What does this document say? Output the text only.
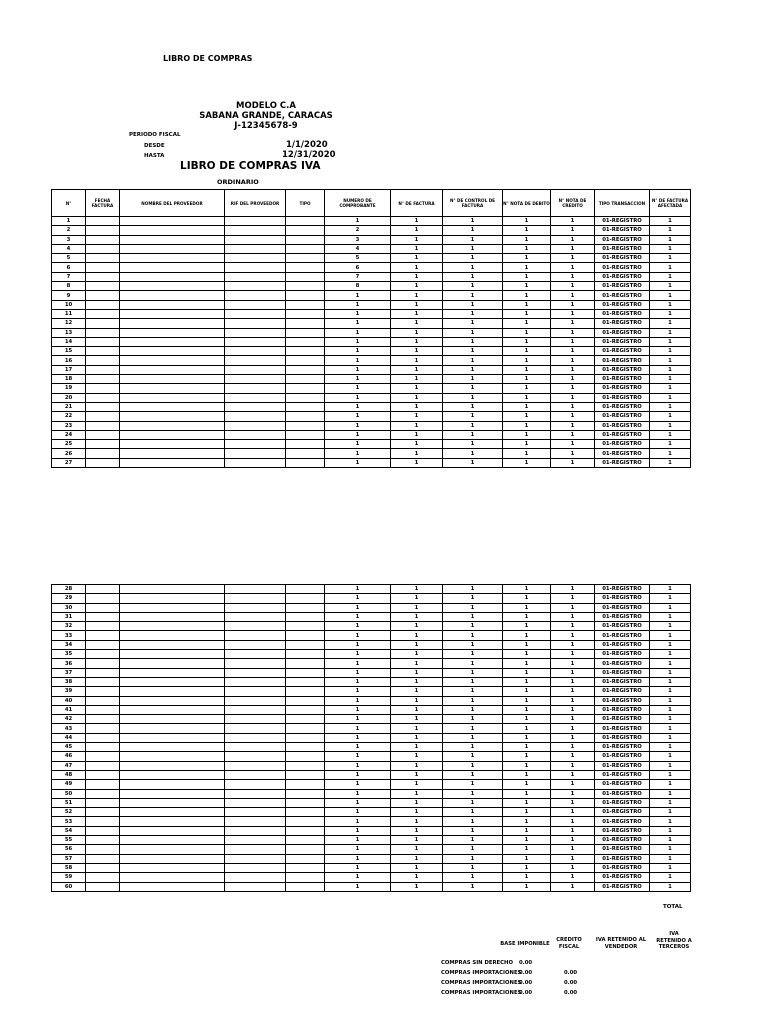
LIBRO DE COMPRAS
MODELO C.A
SABANA GRANDE, CARACAS
J-12345678-9
PERIODO FISCAL
DESDE
HASTA
1/1/2020
12/31/2020
LIBRO DE COMPRAS IVA
ORDINARIO
N°	FECHA FACTURA	NOMBRE DEL PROVEEDOR	RIF DEL PROVEEDOR	TIPO	NUMERO DE COMPROBANTE	N° DE FACTURA	N° DE CONTROL DE FACTURA	N° NOTA DE DEBITO	N° NOTA DE CREDITO	TIPO TRANSACCION	N° DE FACTURA AFECTADA
1					1	1	1	1	1	01-REGISTRO	1
2					2	1	1	1	1	01-REGISTRO	1
3					3	1	1	1	1	01-REGISTRO	1
4					4	1	1	1	1	01-REGISTRO	1
5					5	1	1	1	1	01-REGISTRO	1
6					6	1	1	1	1	01-REGISTRO	1
7					7	1	1	1	1	01-REGISTRO	1
8					8	1	1	1	1	01-REGISTRO	1
9					1	1	1	1	1	01-REGISTRO	1
10					1	1	1	1	1	01-REGISTRO	1
11					1	1	1	1	1	01-REGISTRO	1
12					1	1	1	1	1	01-REGISTRO	1
13					1	1	1	1	1	01-REGISTRO	1
14					1	1	1	1	1	01-REGISTRO	1
15					1	1	1	1	1	01-REGISTRO	1
16					1	1	1	1	1	01-REGISTRO	1
17					1	1	1	1	1	01-REGISTRO	1
18					1	1	1	1	1	01-REGISTRO	1
19					1	1	1	1	1	01-REGISTRO	1
20					1	1	1	1	1	01-REGISTRO	1
21					1	1	1	1	1	01-REGISTRO	1
22					1	1	1	1	1	01-REGISTRO	1
23					1	1	1	1	1	01-REGISTRO	1
24					1	1	1	1	1	01-REGISTRO	1
25					1	1	1	1	1	01-REGISTRO	1
26					1	1	1	1	1	01-REGISTRO	1
27					1	1	1	1	1	01-REGISTRO	1
28					1	1	1	1	1	01-REGISTRO	1
29					1	1	1	1	1	01-REGISTRO	1
30					1	1	1	1	1	01-REGISTRO	1
31					1	1	1	1	1	01-REGISTRO	1
32					1	1	1	1	1	01-REGISTRO	1
33					1	1	1	1	1	01-REGISTRO	1
34					1	1	1	1	1	01-REGISTRO	1
35					1	1	1	1	1	01-REGISTRO	1
36					1	1	1	1	1	01-REGISTRO	1
37					1	1	1	1	1	01-REGISTRO	1
38					1	1	1	1	1	01-REGISTRO	1
39					1	1	1	1	1	01-REGISTRO	1
40					1	1	1	1	1	01-REGISTRO	1
41					1	1	1	1	1	01-REGISTRO	1
42					1	1	1	1	1	01-REGISTRO	1
43					1	1	1	1	1	01-REGISTRO	1
44					1	1	1	1	1	01-REGISTRO	1
45					1	1	1	1	1	01-REGISTRO	1
46					1	1	1	1	1	01-REGISTRO	1
47					1	1	1	1	1	01-REGISTRO	1
48					1	1	1	1	1	01-REGISTRO	1
49					1	1	1	1	1	01-REGISTRO	1
50					1	1	1	1	1	01-REGISTRO	1
51					1	1	1	1	1	01-REGISTRO	1
52					1	1	1	1	1	01-REGISTRO	1
53					1	1	1	1	1	01-REGISTRO	1
54					1	1	1	1	1	01-REGISTRO	1
55					1	1	1	1	1	01-REGISTRO	1
56					1	1	1	1	1	01-REGISTRO	1
57					1	1	1	1	1	01-REGISTRO	1
58					1	1	1	1	1	01-REGISTRO	1
59					1	1	1	1	1	01-REGISTRO	1
60					1	1	1	1	1	01-REGISTRO	1
TOTAL
BASE IMPONIBLE
CREDITO FISCAL
IVA RETENIDO AL VENDEDOR
IVA RETENIDO A TERCEROS
COMPRAS SIN DERECHO 0.00
COMPRAS IMPORTACIONES
0.00	0.00
COMPRAS IMPORTACIONES
0.00	0.00
COMPRAS IMPORTACIONES
0.00	0.00
